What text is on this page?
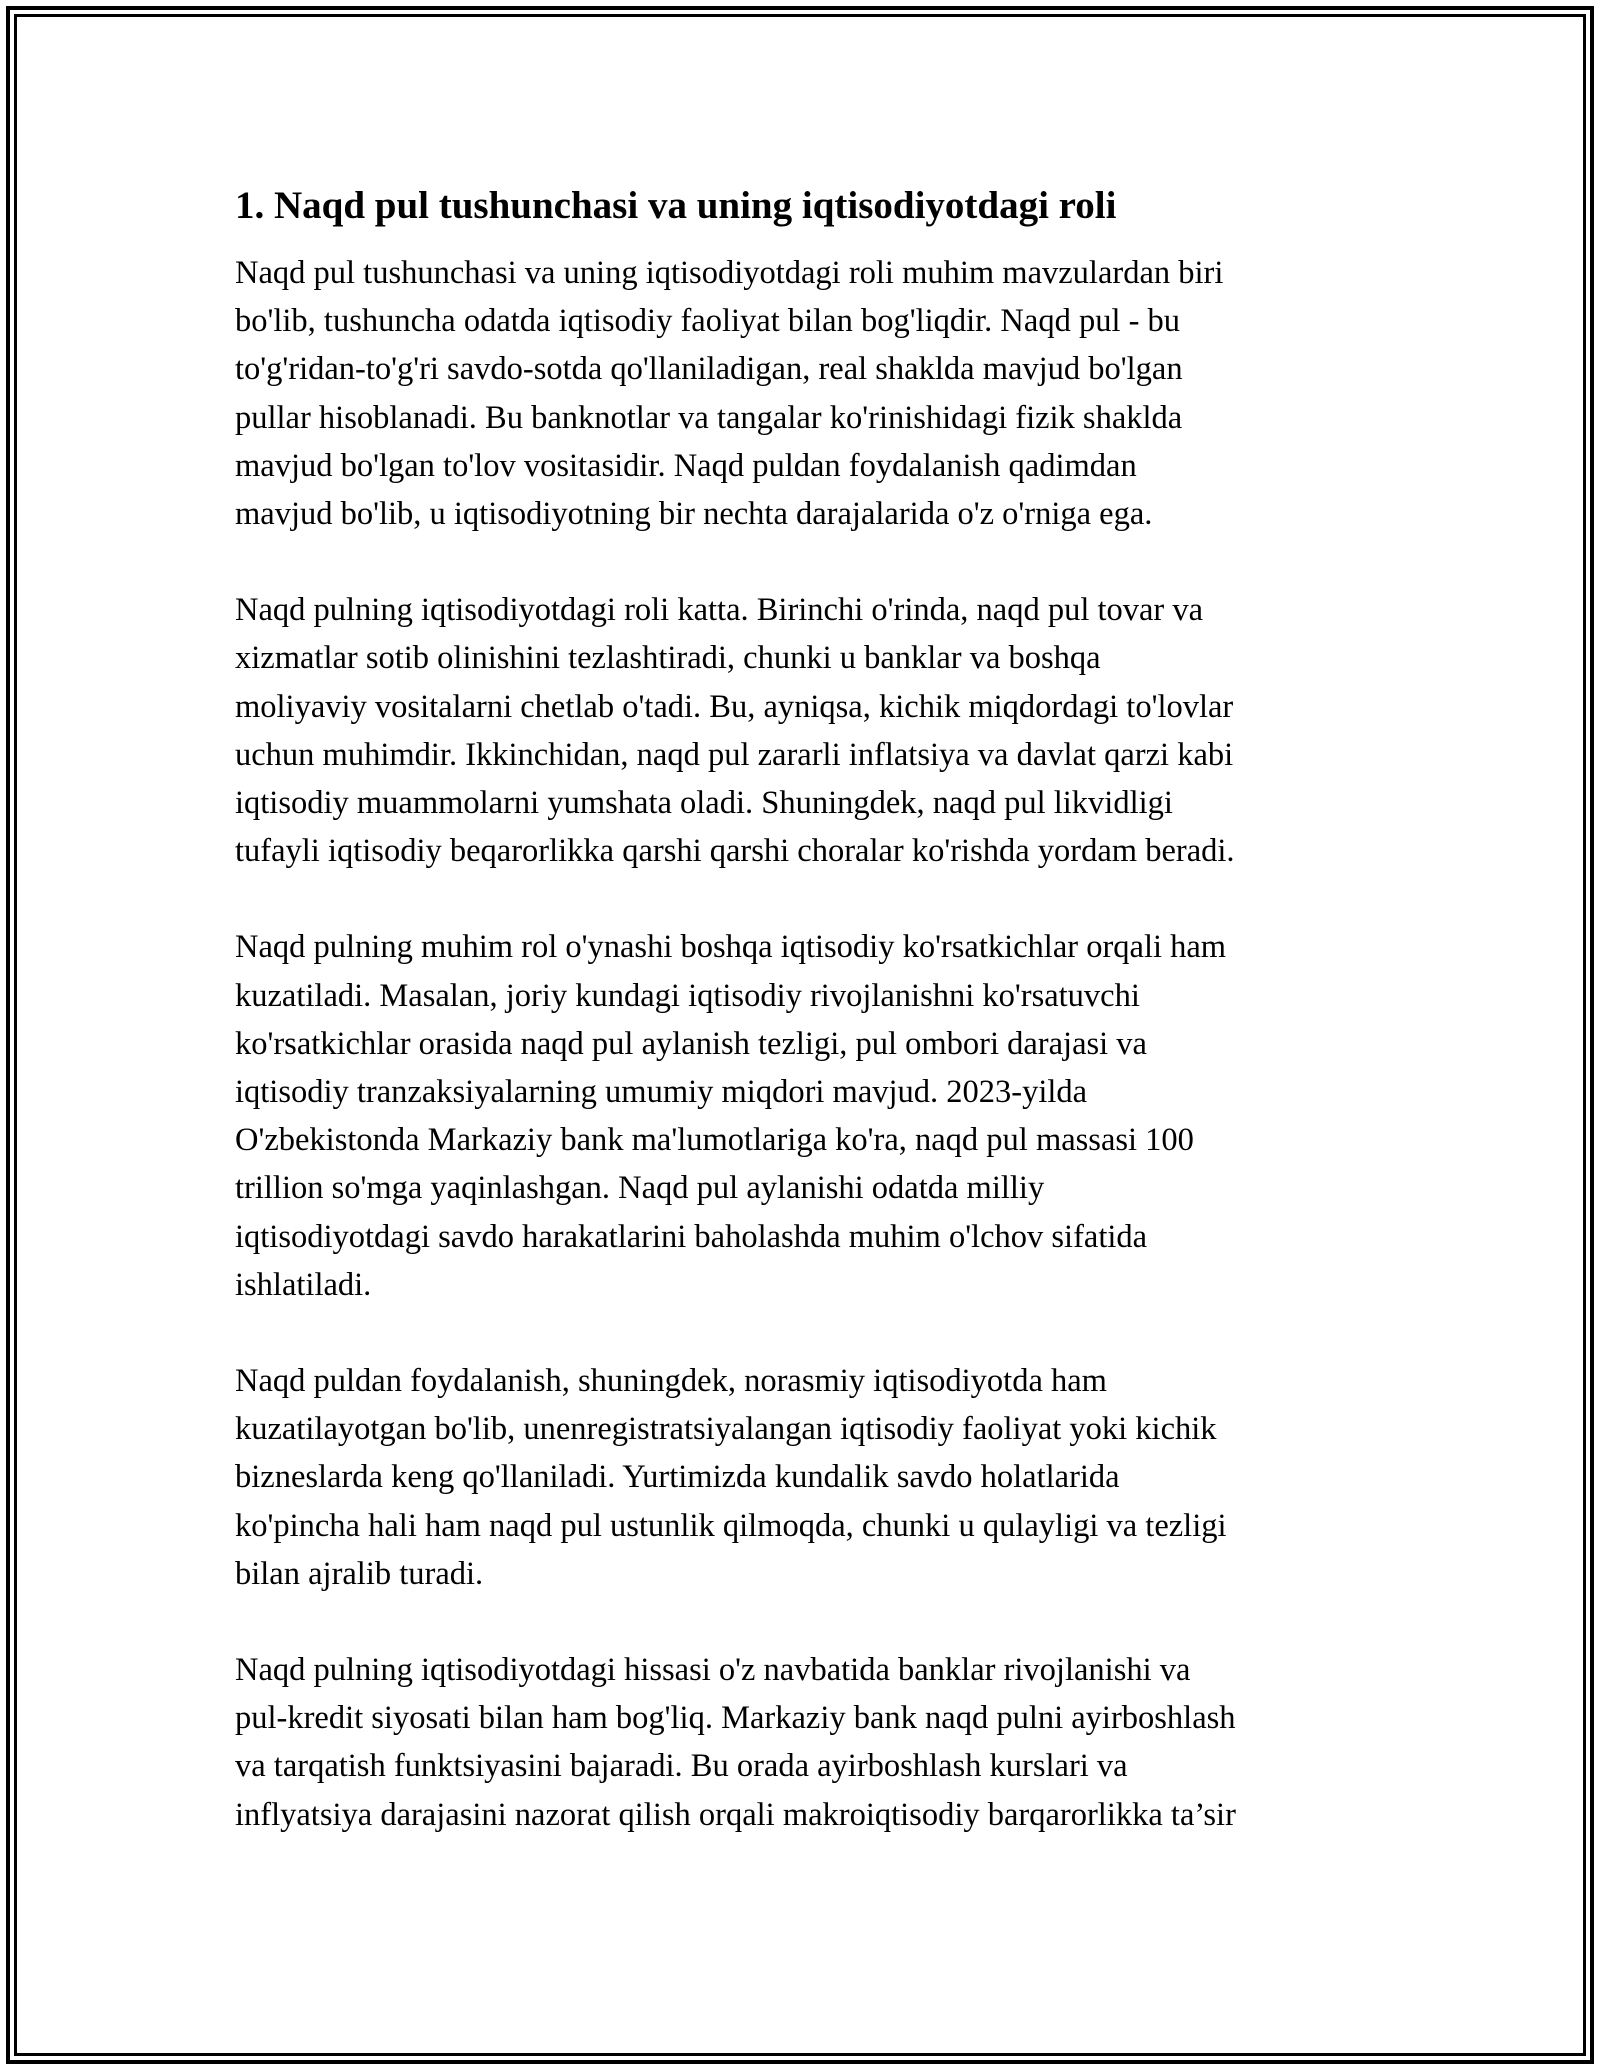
1. Naqd pul tushunchasi va uning iqtisodiyotdagi roli

Naqd pul tushunchasi va uning iqtisodiyotdagi roli muhim mavzulardan biri
bo'lib, tushuncha odatda iqtisodiy faoliyat bilan bog'liqdir. Naqd pul - bu
to'g'ridan-to'g'ri savdo-sotda qo'llaniladigan, real shaklda mavjud bo'lgan
pullar hisoblanadi. Bu banknotlar va tangalar ko'rinishidagi fizik shaklda
mavjud bo'lgan to'lov vositasidir. Naqd puldan foydalanish qadimdan
mavjud bo'lib, u iqtisodiyotning bir nechta darajalarida o'z o'rniga ega.

Naqd pulning iqtisodiyotdagi roli katta. Birinchi o'rinda, naqd pul tovar va
xizmatlar sotib olinishini tezlashtiradi, chunki u banklar va boshqa
moliyaviy vositalarni chetlab o'tadi. Bu, ayniqsa, kichik miqdordagi to'lovlar
uchun muhimdir. Ikkinchidan, naqd pul zararli inflatsiya va davlat qarzi kabi
iqtisodiy muammolarni yumshata oladi. Shuningdek, naqd pul likvidligi
tufayli iqtisodiy beqarorlikka qarshi qarshi choralar ko'rishda yordam beradi.

Naqd pulning muhim rol o'ynashi boshqa iqtisodiy ko'rsatkichlar orqali ham
kuzatiladi. Masalan, joriy kundagi iqtisodiy rivojlanishni ko'rsatuvchi
ko'rsatkichlar orasida naqd pul aylanish tezligi, pul ombori darajasi va
iqtisodiy tranzaksiyalarning umumiy miqdori mavjud. 2023-yilda
O'zbekistonda Markaziy bank ma'lumotlariga ko'ra, naqd pul massasi 100
trillion so'mga yaqinlashgan. Naqd pul aylanishi odatda milliy
iqtisodiyotdagi savdo harakatlarini baholashda muhim o'lchov sifatida
ishlatiladi.

Naqd puldan foydalanish, shuningdek, norasmiy iqtisodiyotda ham
kuzatilayotgan bo'lib, unenregistratsiyalangan iqtisodiy faoliyat yoki kichik
bizneslarda keng qo'llaniladi. Yurtimizda kundalik savdo holatlarida
ko'pincha hali ham naqd pul ustunlik qilmoqda, chunki u qulayligi va tezligi
bilan ajralib turadi.

Naqd pulning iqtisodiyotdagi hissasi o'z navbatida banklar rivojlanishi va
pul-kredit siyosati bilan ham bog'liq. Markaziy bank naqd pulni ayirboshlash
va tarqatish funktsiyasini bajaradi. Bu orada ayirboshlash kurslari va
inflyatsiya darajasini nazorat qilish orqali makroiqtisodiy barqarorlikka ta’sir
